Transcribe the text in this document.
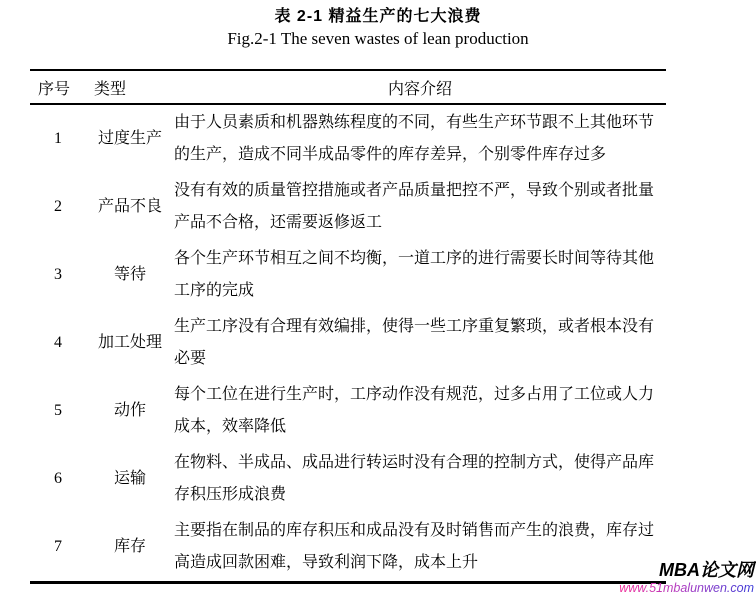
表 2-1 精益生产的七大浪费
Fig.2-1 The seven wastes of lean production
序号	类型	内容介绍
1	过度生产	由于人员素质和机器熟练程度的不同，有些生产环节跟不上其他环节的生产，造成不同半成品零件的库存差异，个别零件库存过多
2	产品不良	没有有效的质量管控措施或者产品质量把控不严，导致个别或者批量产品不合格，还需要返修返工
3	等待	各个生产环节相互之间不均衡，一道工序的进行需要长时间等待其他工序的完成
4	加工处理	生产工序没有合理有效编排，使得一些工序重复繁琐，或者根本没有必要
5	动作	每个工位在进行生产时，工序动作没有规范，过多占用了工位或人力成本，效率降低
6	运输	在物料、半成品、成品进行转运时没有合理的控制方式，使得产品库存积压形成浪费
7	库存	主要指在制品的库存积压和成品没有及时销售而产生的浪费，库存过高造成回款困难，导致利润下降，成本上升	MBA论文网
www.51mbalunwen.com
